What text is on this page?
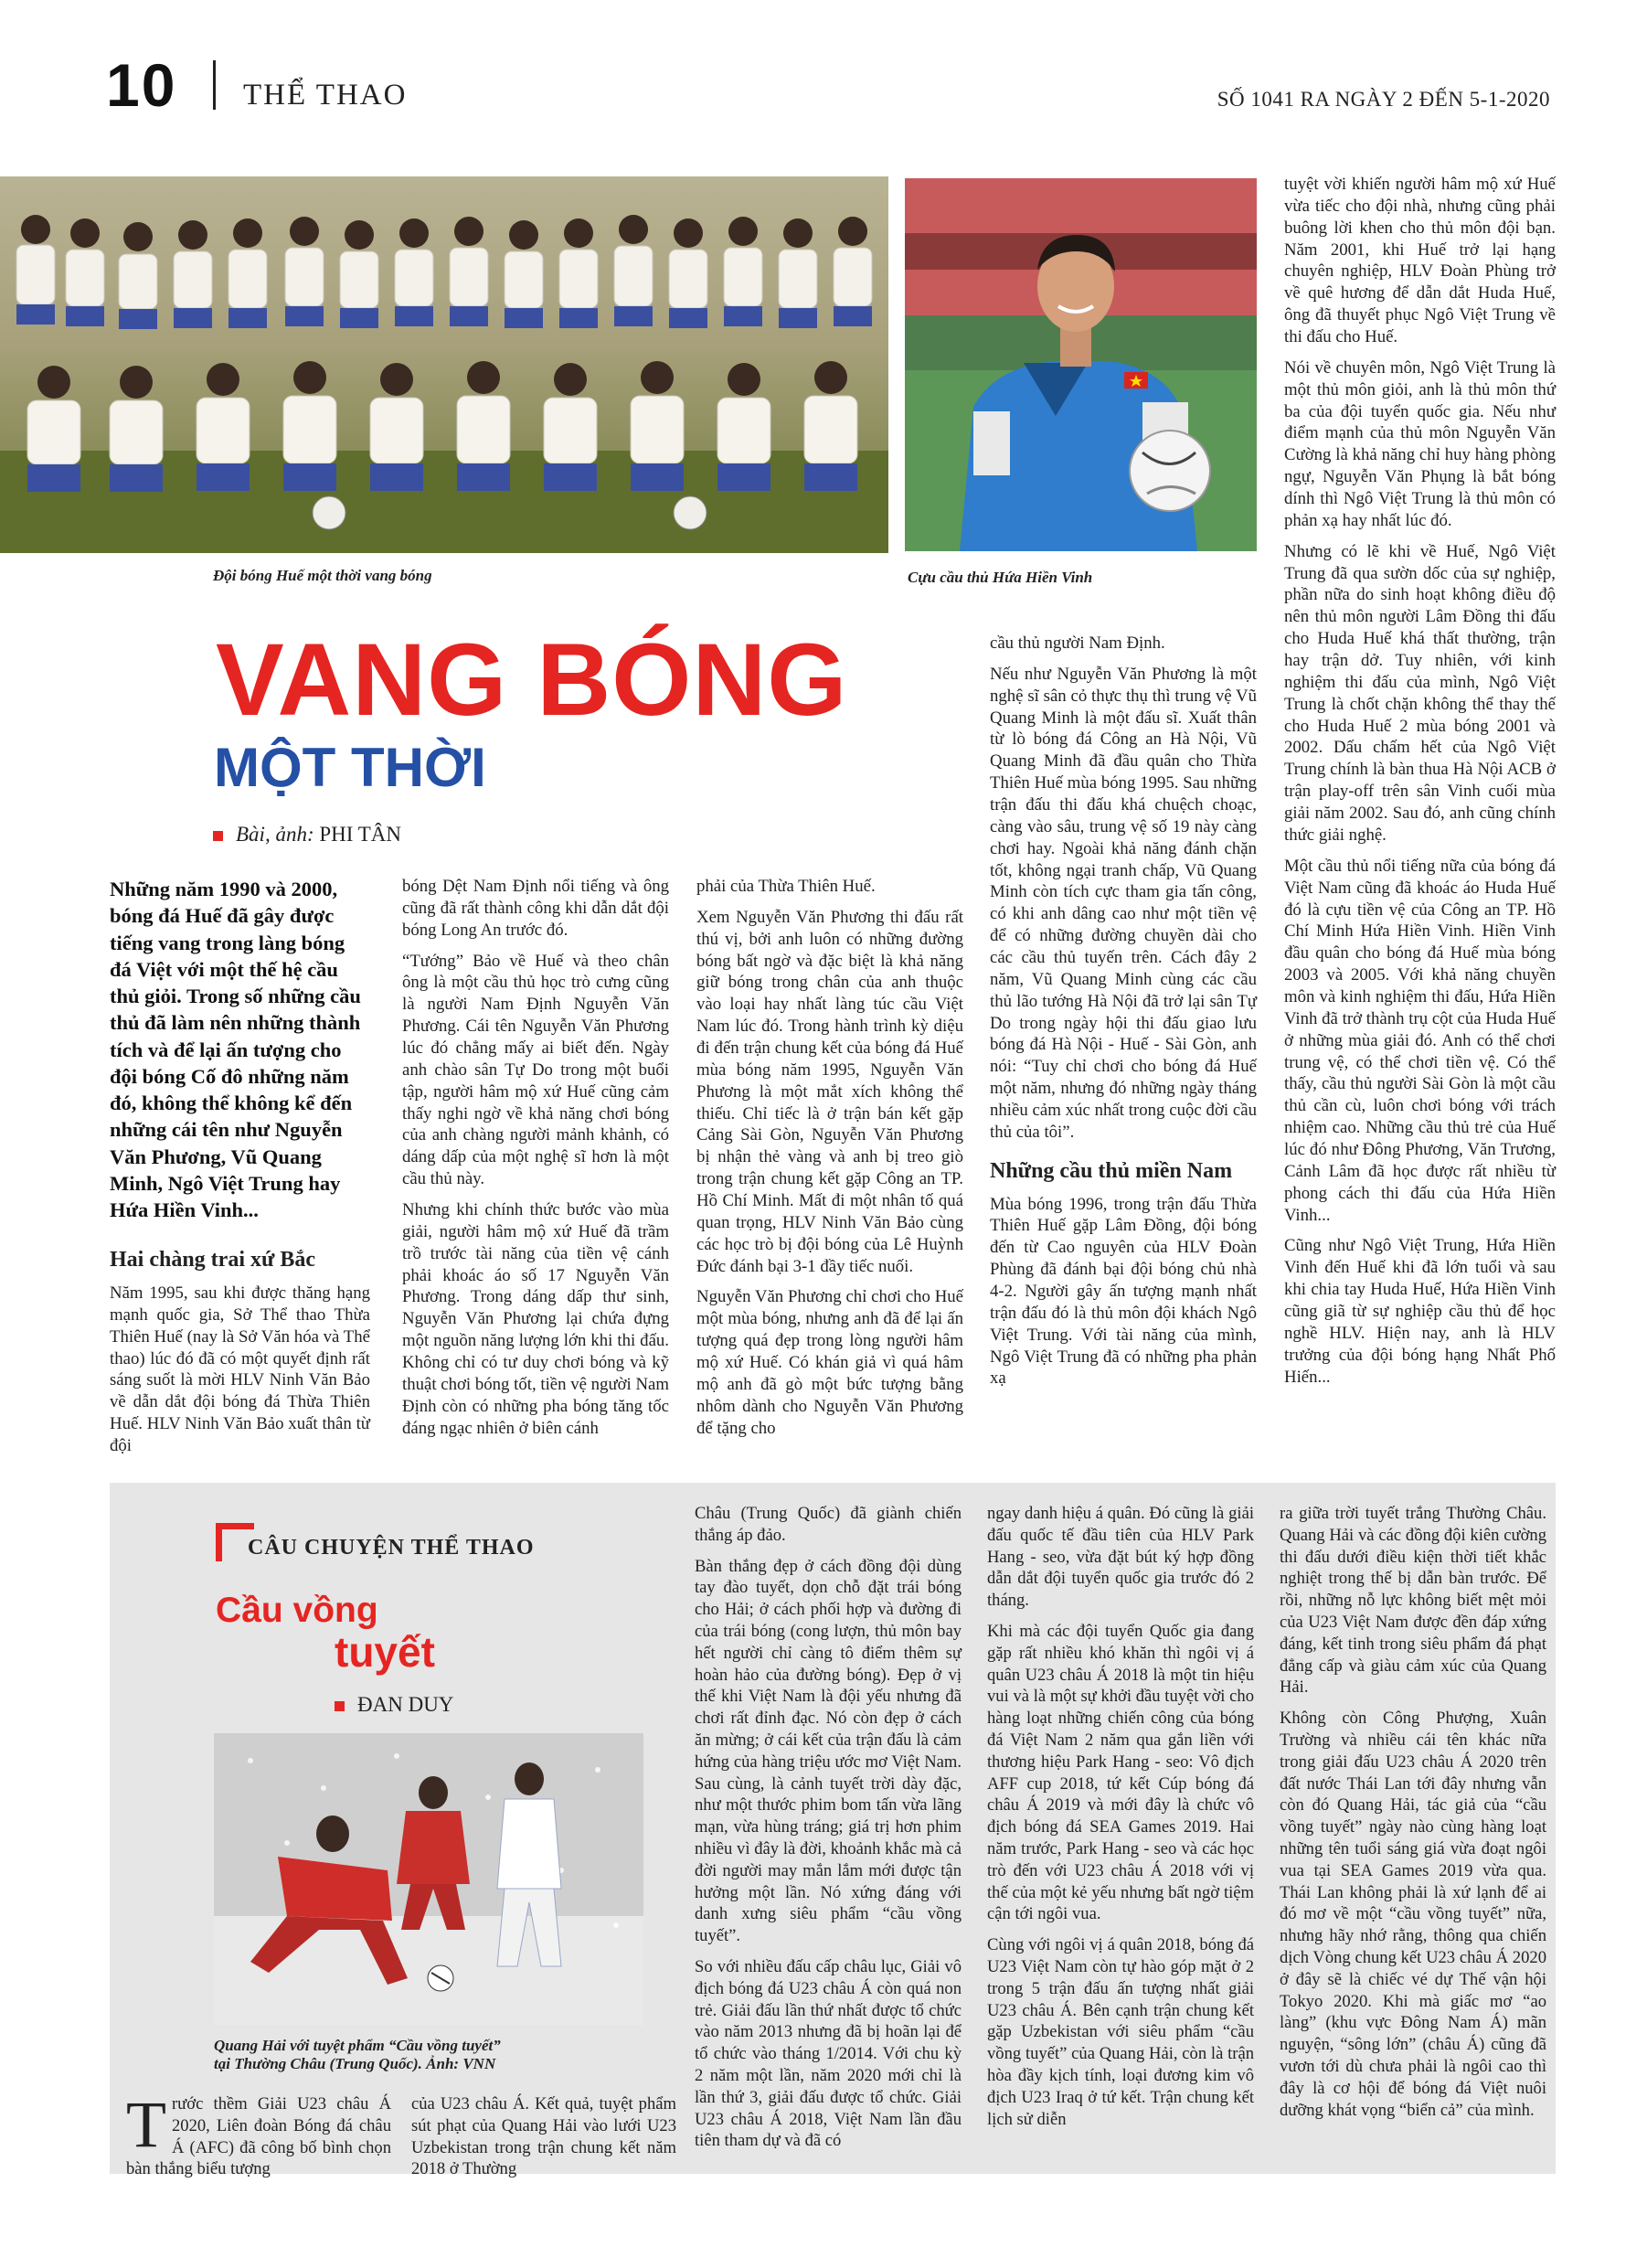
10 THỂ THAO	SỐ 1041 RA NGÀY 2 ĐẾN 5-1-2020
Đội bóng Huế một thời vang bóng	Cựu cầu thủ Hứa Hiền Vinh
VANG BÓNG
MỘT THỜI
Bài, ảnh: PHI TÂN
Những năm 1990 và 2000, bóng đá Huế đã gây được tiếng vang trong làng bóng đá Việt với một thế hệ cầu thủ giỏi. Trong số những cầu thủ đã làm nên những thành tích và để lại ấn tượng cho đội bóng Cố đô những năm đó, không thể không kể đến những cái tên như Nguyễn Văn Phương, Vũ Quang Minh, Ngô Việt Trung hay Hứa Hiền Vinh...
Hai chàng trai xứ Bắc

Năm 1995, sau khi được thăng hạng mạnh quốc gia, Sở Thể thao Thừa Thiên Huế (nay là Sở Văn hóa và Thể thao) lúc đó đã có một quyết định rất sáng suốt là mời HLV Ninh Văn Bảo về dẫn dắt đội bóng đá Thừa Thiên Huế. HLV Ninh Văn Bảo xuất thân từ đội

bóng Dệt Nam Định nổi tiếng và ông cũng đã rất thành công khi dẫn dắt đội bóng Long An trước đó.

“Tướng” Bảo về Huế và theo chân ông là một cầu thủ học trò cưng cũng là người Nam Định Nguyễn Văn Phương. Cái tên Nguyễn Văn Phương lúc đó chẳng mấy ai biết đến. Ngày anh chào sân Tự Do trong một buổi tập, người hâm mộ xứ Huế cũng cảm thấy nghi ngờ về khả năng chơi bóng của anh chàng người mảnh khảnh, có dáng dấp của một nghệ sĩ hơn là một cầu thủ này.

Nhưng khi chính thức bước vào mùa giải, người hâm mộ xứ Huế đã trầm trồ trước tài năng của tiền vệ cánh phải khoác áo số 17 Nguyễn Văn Phương. Trong dáng dấp thư sinh, Nguyễn Văn Phương lại chứa đựng một nguồn năng lượng lớn khi thi đấu. Không chỉ có tư duy chơi bóng và kỹ thuật chơi bóng tốt, tiền vệ người Nam Định còn có những pha bóng tăng tốc đáng ngạc nhiên ở biên cánh

phải của Thừa Thiên Huế.

Xem Nguyễn Văn Phương thi đấu rất thú vị, bởi anh luôn có những đường bóng bất ngờ và đặc biệt là khả năng giữ bóng trong chân của anh thuộc vào loại hay nhất làng túc cầu Việt Nam lúc đó. Trong hành trình kỳ diệu đi đến trận chung kết của bóng đá Huế mùa bóng năm 1995, Nguyễn Văn Phương là một mắt xích không thể thiếu. Chỉ tiếc là ở trận bán kết gặp Cảng Sài Gòn, Nguyễn Văn Phương bị nhận thẻ vàng và anh bị treo giò trong trận chung kết gặp Công an TP. Hồ Chí Minh. Mất đi một nhân tố quá quan trọng, HLV Ninh Văn Bảo cùng các học trò bị đội bóng của Lê Huỳnh Đức đánh bại 3-1 đầy tiếc nuối.

Nguyễn Văn Phương chỉ chơi cho Huế một mùa bóng, nhưng anh đã để lại ấn tượng quá đẹp trong lòng người hâm mộ xứ Huế. Có khán giả vì quá hâm mộ anh đã gò một bức tượng bằng nhôm dành cho Nguyễn Văn Phương để tặng cho

cầu thủ người Nam Định.

Nếu như Nguyễn Văn Phương là một nghệ sĩ sân cỏ thực thụ thì trung vệ Vũ Quang Minh là một đấu sĩ. Xuất thân từ lò bóng đá Công an Hà Nội, Vũ Quang Minh đã đầu quân cho Thừa Thiên Huế mùa bóng 1995. Sau những trận đấu thi đấu khá chuệch choạc, càng vào sâu, trung vệ số 19 này càng chơi hay. Ngoài khả năng đánh chặn tốt, không ngại tranh chấp, Vũ Quang Minh còn tích cực tham gia tấn công, có khi anh dâng cao như một tiền vệ để có những đường chuyền dài cho các cầu thủ tuyến trên. Cách đây 2 năm, Vũ Quang Minh cùng các cầu thủ lão tướng Hà Nội đã trở lại sân Tự Do trong ngày hội thi đấu giao lưu bóng đá Hà Nội - Huế - Sài Gòn, anh nói: “Tuy chỉ chơi cho bóng đá Huế một năm, nhưng đó những ngày tháng nhiều cảm xúc nhất trong cuộc đời cầu thủ của tôi”.

Những cầu thủ miền Nam

Mùa bóng 1996, trong trận đấu Thừa Thiên Huế gặp Lâm Đồng, đội bóng đến từ Cao nguyên của HLV Đoàn Phùng đã đánh bại đội bóng chủ nhà 4-2. Người gây ấn tượng mạnh nhất trận đấu đó là thủ môn đội khách Ngô Việt Trung. Với tài năng của mình, Ngô Việt Trung đã có những pha phản xạ

tuyệt vời khiến người hâm mộ xứ Huế vừa tiếc cho đội nhà, nhưng cũng phải buông lời khen cho thủ môn đội bạn. Năm 2001, khi Huế trở lại hạng chuyên nghiệp, HLV Đoàn Phùng trở về quê hương để dẫn dắt Huda Huế, ông đã thuyết phục Ngô Việt Trung về thi đấu cho Huế.

Nói về chuyên môn, Ngô Việt Trung là một thủ môn giỏi, anh là thủ môn thứ ba của đội tuyển quốc gia. Nếu như điểm mạnh của thủ môn Nguyễn Văn Cường là khả năng chỉ huy hàng phòng ngự, Nguyễn Văn Phụng là bắt bóng dính thì Ngô Việt Trung là thủ môn có phản xạ hay nhất lúc đó.

Nhưng có lẽ khi về Huế, Ngô Việt Trung đã qua sườn dốc của sự nghiệp, phần nữa do sinh hoạt không điều độ nên thủ môn người Lâm Đồng thi đấu cho Huda Huế khá thất thường, trận hay trận dở. Tuy nhiên, với kinh nghiệm thi đấu của mình, Ngô Việt Trung là chốt chặn không thể thay thế cho Huda Huế 2 mùa bóng 2001 và 2002. Dấu chấm hết của Ngô Việt Trung chính là bàn thua Hà Nội ACB ở trận play-off trên sân Vinh cuối mùa giải năm 2002. Sau đó, anh cũng chính thức giải nghệ.

Một cầu thủ nổi tiếng nữa của bóng đá Việt Nam cũng đã khoác áo Huda Huế đó là cựu tiền vệ của Công an TP. Hồ Chí Minh Hứa Hiền Vinh. Hiền Vinh đầu quân cho bóng đá Huế mùa bóng 2003 và 2005. Với khả năng chuyền môn và kinh nghiệm thi đấu, Hứa Hiền Vinh đã trở thành trụ cột của Huda Huế ở những mùa giải đó. Anh có thể chơi trung vệ, có thể chơi tiền vệ. Có thể thấy, cầu thủ người Sài Gòn là một cầu thủ cần cù, luôn chơi bóng với trách nhiệm cao. Những cầu thủ trẻ của Huế lúc đó như Đông Phương, Văn Trương, Cảnh Lâm đã học được rất nhiều từ phong cách thi đấu của Hứa Hiền Vinh...

Cũng như Ngô Việt Trung, Hứa Hiền Vinh đến Huế khi đã lớn tuổi và sau khi chia tay Huda Huế, Hứa Hiền Vinh cũng giã từ sự nghiệp cầu thủ để học nghề HLV. Hiện nay, anh là HLV trưởng của đội bóng hạng Nhất Phố Hiến...

CÂU CHUYỆN THỂ THAO
Cầu vồng
tuyết
ĐAN DUY
Quang Hải với tuyệt phẩm “Cầu vồng tuyết”
tại Thường Châu (Trung Quốc). Ảnh: VNN

Trước thềm Giải U23 châu Á 2020, Liên đoàn Bóng đá châu Á (AFC) đã công bố bình chọn bàn thắng biểu tượng

của U23 châu Á. Kết quả, tuyệt phẩm sút phạt của Quang Hải vào lưới U23 Uzbekistan trong trận chung kết năm 2018 ở Thường

Châu (Trung Quốc) đã giành chiến thắng áp đảo.

Bàn thắng đẹp ở cách đồng đội dùng tay đào tuyết, dọn chỗ đặt trái bóng cho Hải; ở cách phối hợp và đường đi của trái bóng (cong lượn, thủ môn bay hết người chỉ càng tô điểm thêm sự hoàn hảo của đường bóng). Đẹp ở vị thế khi Việt Nam là đội yếu nhưng đã chơi rất đỉnh đạc. Nó còn đẹp ở cách ăn mừng; ở cái kết của trận đấu là cảm hứng của hàng triệu ước mơ Việt Nam. Sau cùng, là cảnh tuyết trời dày đặc, như một thước phim bom tấn vừa lãng mạn, vừa hùng tráng; giá trị hơn phim nhiều vì đây là đời, khoảnh khắc mà cả đời người may mắn lắm mới được tận hưởng một lần. Nó xứng đáng với danh xưng siêu phẩm “cầu vồng tuyết”.

So với nhiều đấu cấp châu lục, Giải vô địch bóng đá U23 châu Á còn quá non trẻ. Giải đấu lần thứ nhất được tổ chức vào năm 2013 nhưng đã bị hoãn lại để tổ chức vào tháng 1/2014. Với chu kỳ 2 năm một lần, năm 2020 mới chỉ là lần thứ 3, giải đấu được tổ chức. Giải U23 châu Á 2018, Việt Nam lần đầu tiên tham dự và đã có

ngay danh hiệu á quân. Đó cũng là giải đấu quốc tế đầu tiên của HLV Park Hang - seo, vừa đặt bút ký hợp đồng dẫn dắt đội tuyển quốc gia trước đó 2 tháng.

Khi mà các đội tuyển Quốc gia đang gặp rất nhiều khó khăn thì ngôi vị á quân U23 châu Á 2018 là một tin hiệu vui và là một sự khởi đầu tuyệt vời cho hàng loạt những chiến công của bóng đá Việt Nam 2 năm qua gắn liền với thương hiệu Park Hang - seo: Vô địch AFF cup 2018, tứ kết Cúp bóng đá châu Á 2019 và mới đây là chức vô địch bóng đá SEA Games 2019. Hai năm trước, Park Hang - seo và các học trò đến với U23 châu Á 2018 với vị thế của một kẻ yếu nhưng bất ngờ tiệm cận tới ngôi vua.

Cùng với ngôi vị á quân 2018, bóng đá U23 Việt Nam còn tự hào góp mặt ở 2 trong 5 trận đấu ấn tượng nhất giải U23 châu Á. Bên cạnh trận chung kết gặp Uzbekistan với siêu phẩm “cầu vồng tuyết” của Quang Hải, còn là trận hòa đầy kịch tính, loại đương kim vô địch U23 Iraq ở tứ kết. Trận chung kết lịch sử diễn

ra giữa trời tuyết trắng Thường Châu. Quang Hải và các đồng đội kiên cường thi đấu dưới điều kiện thời tiết khắc nghiệt trong thế bị dẫn bàn trước. Để rồi, những nỗ lực không biết mệt mỏi của U23 Việt Nam được đền đáp xứng đáng, kết tinh trong siêu phẩm đá phạt đẳng cấp và giàu cảm xúc của Quang Hải.

Không còn Công Phượng, Xuân Trường và nhiều cái tên khác nữa trong giải đấu U23 châu Á 2020 trên đất nước Thái Lan tới đây nhưng vẫn còn đó Quang Hải, tác giả của “cầu vồng tuyết” ngày nào cùng hàng loạt những tên tuổi sáng giá vừa đoạt ngôi vua tại SEA Games 2019 vừa qua. Thái Lan không phải là xứ lạnh để ai đó mơ về một “cầu vồng tuyết” nữa, nhưng hãy nhớ rằng, thông qua chiến dịch Vòng chung kết U23 châu Á 2020 ở đây sẽ là chiếc vé dự Thế vận hội Tokyo 2020. Khi mà giấc mơ “ao làng” (khu vực Đông Nam Á) mãn nguyện, “sông lớn” (châu Á) cũng đã vươn tới dù chưa phải là ngôi cao thì đây là cơ hội để bóng đá Việt nuôi dưỡng khát vọng “biển cả” của mình.
